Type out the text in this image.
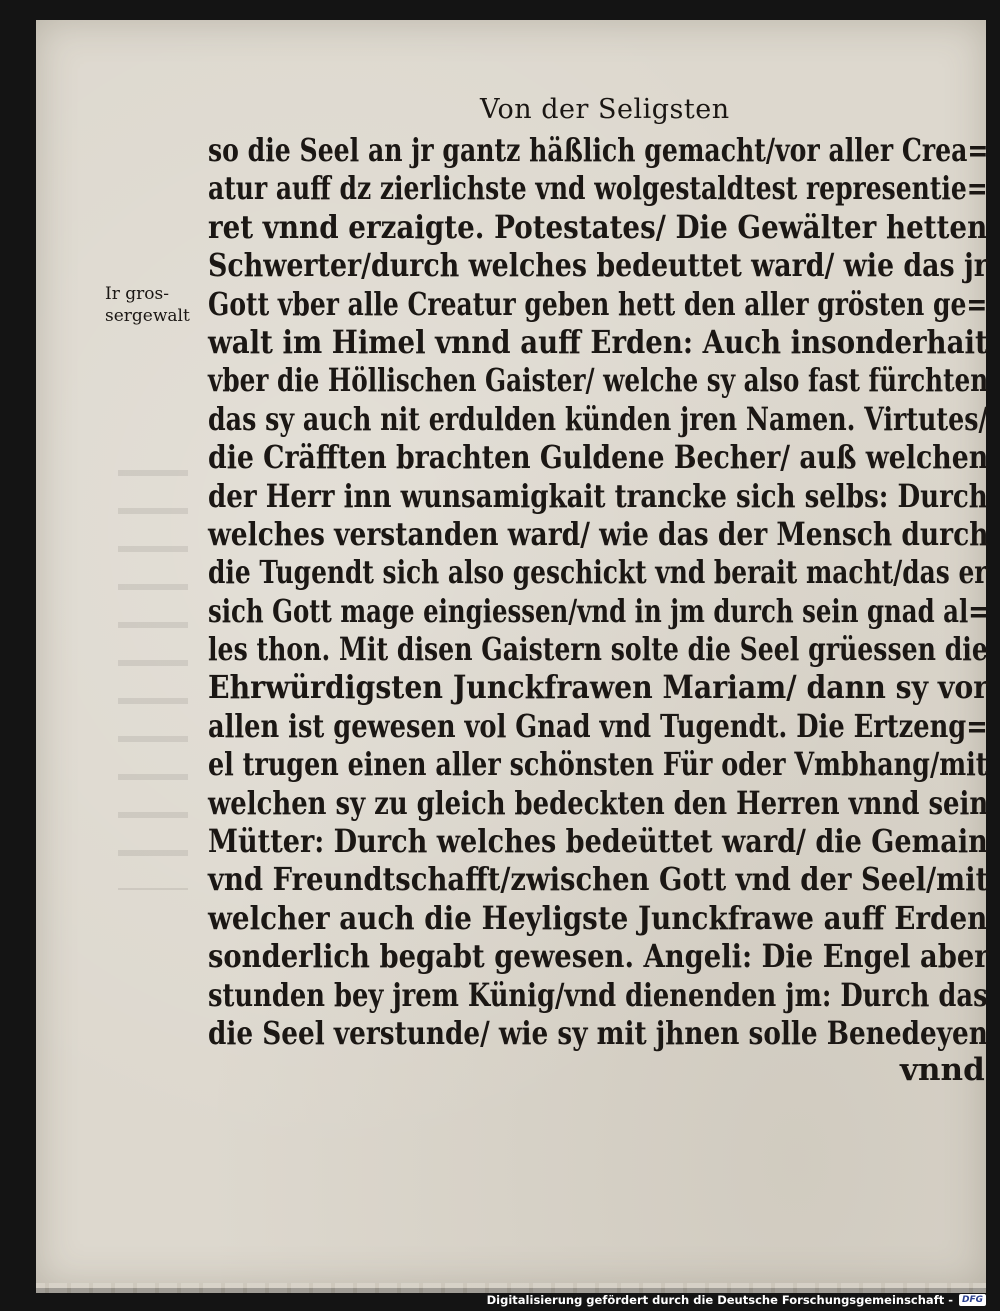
Von der Seligsten
Ir gros-
sergewalt
so die Seel an jr gantz häßlich gemacht/vor aller Crea=
atur auff dz zierlichste vnd wolgestaldtest representie=
ret vnnd erzaigte. Potestates/ Die Gewälter hetten
Schwerter/durch welches bedeuttet ward/ wie das jr
Gott vber alle Creatur geben hett den aller grösten ge=
walt im Himel vnnd auff Erden: Auch insonderhait
vber die Höllischen Gaister/ welche sy also fast fürchten
das sy auch nit erdulden künden jren Namen. Virtutes/
die Cräfften brachten Guldene Becher/ auß welchen
der Herr inn wunsamigkait tranckе sich selbs: Durch
welches verstanden ward/ wie das der Mensch durch
die Tugendt sich also geschickt vnd berait macht/das er
sich Gott mage eingiessen/vnd in jm durch sein gnad al=
les thon. Mit disen Gaistern solte die Seel grüessen die
Ehrwürdigsten Junckfrawen Mariam/ dann sy vor
allen ist gewesen vol Gnad vnd Tugendt. Die Ertzeng=
el trugen einen aller schönsten Für oder Vmbhang/mit
welchen sy zu gleich bedeckten den Herren vnnd sein
Mütter: Durch welches bedeüttet ward/ die Gemain
vnd Freundtschafft/zwischen Gott vnd der Seel/mit
welcher auch die Heyligste Junckfrawe auff Erden
sonderlich begabt gewesen. Angeli: Die Engel aber
stunden bey jrem Künig/vnd dienenden jm: Durch das
die Seel verstunde/ wie sy mit jhnen solle Benedeyen
vnnd
Digitalisierung gefördert durch die Deutsche Forschungsgemeinschaft -	DFG
